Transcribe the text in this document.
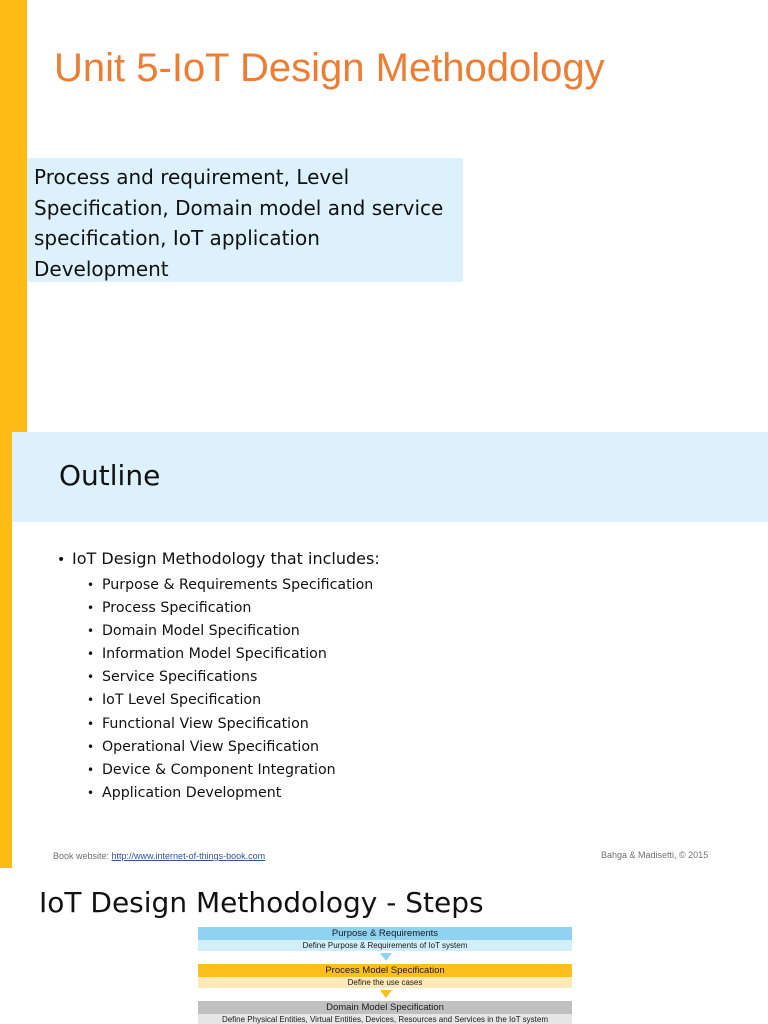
Unit 5-IoT Design Methodology
Process and requirement, Level Specification, Domain model and service specification, IoT application Development
Outline
• IoT Design Methodology that includes:
• Purpose & Requirements Specification
• Process Specification
• Domain Model Specification
• Information Model Specification
• Service Specifications
• IoT Level Specification
• Functional View Specification
• Operational View Specification
• Device & Component Integration
• Application Development
Book website: http://www.internet-of-things-book.com	Bahga & Madisetti, © 2015
IoT Design Methodology - Steps
Purpose & Requirements
Define Purpose & Requirements of IoT system
Process Model Specification
Define the use cases
Domain Model Specification
Define Physical Entities, Virtual Entities, Devices, Resources and Services in the IoT system
